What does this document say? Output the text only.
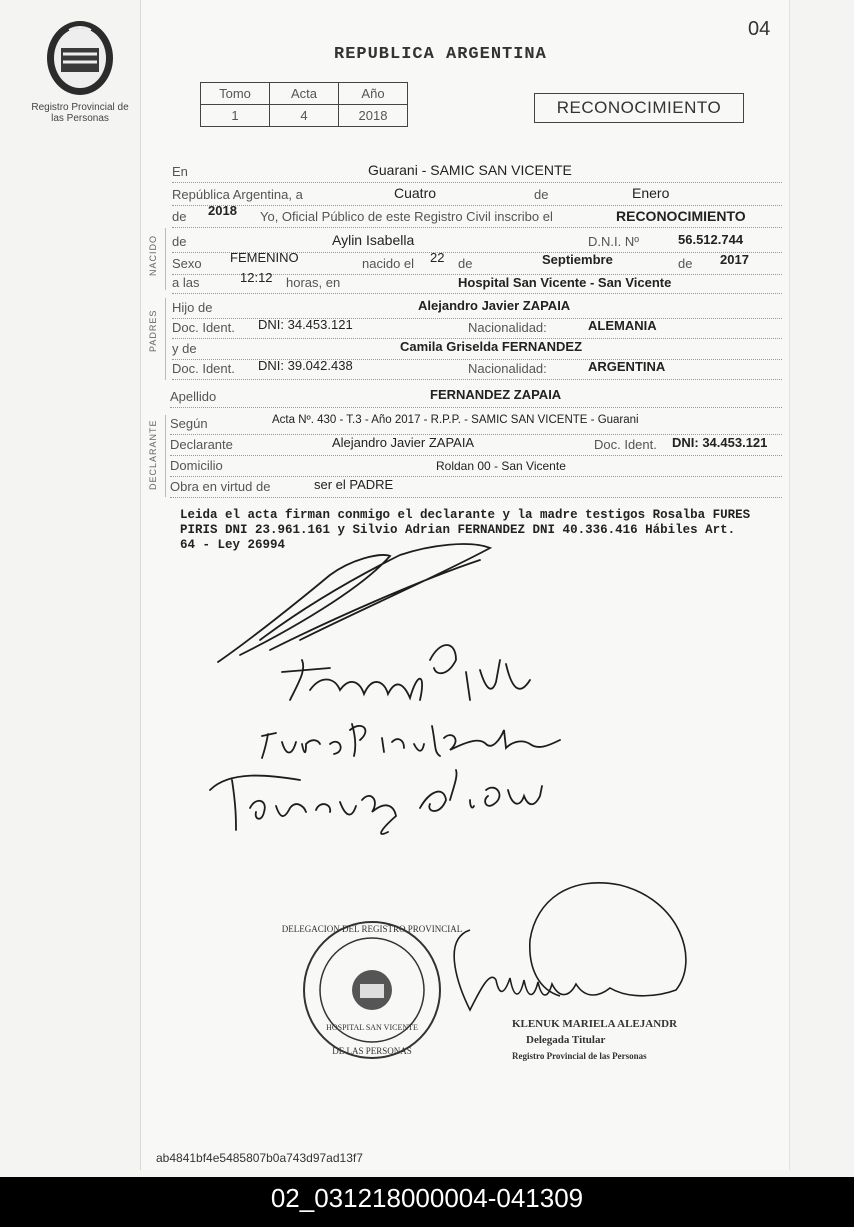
Registro Provincial de las Personas
04
REPUBLICA ARGENTINA
Tomo	Acta	Año
1	4	2018	RECONOCIMIENTO
NACIDO
PADRES
DECLARANTE
En	Guarani - SAMIC SAN VICENTE
República Argentina, a	Cuatro	de	Enero
de 2018 Yo, Oficial Público de este Registro Civil inscribo el	RECONOCIMIENTO
de	Aylin Isabella	D.N.I. Nº	56.512.744
Sexo FEMENINO	nacido el 22 de	Septiembre	de 2017
a las	12:12 horas, en	Hospital San Vicente - San Vicente
Hijo de	Alejandro Javier ZAPAIA
Doc. Ident. DNI: 34.453.121	Nacionalidad:	ALEMANIA
y de	Camila Griselda FERNANDEZ
Doc. Ident. DNI: 39.042.438	Nacionalidad:	ARGENTINA
Apellido	FERNANDEZ ZAPAIA
Según	Acta Nº. 430 - T.3 - Año 2017 - R.P.P. - SAMIC SAN VICENTE - Guarani
Declarante	Alejandro Javier ZAPAIA	Doc. Ident. DNI: 34.453.121
Domicilio	Roldan 00 - San Vicente
Obra en virtud de	ser el PADRE
Leida el acta firman conmigo el declarante y la madre testigos Rosalba FURES
PIRIS DNI 23.961.161 y Silvio Adrian FERNANDEZ DNI 40.336.416 Hábiles Art.
64 - Ley 26994
DELEGACION DEL REGISTRO PROVINCIAL
DE LAS PERSONAS
HOSPITAL SAN VICENTE	KLENUK MARIELA ALEJANDR
Delegada Titular
Registro Provincial de las Personas
ab4841bf4e5485807b0a743d97ad13f7
02_031218000004-041309
